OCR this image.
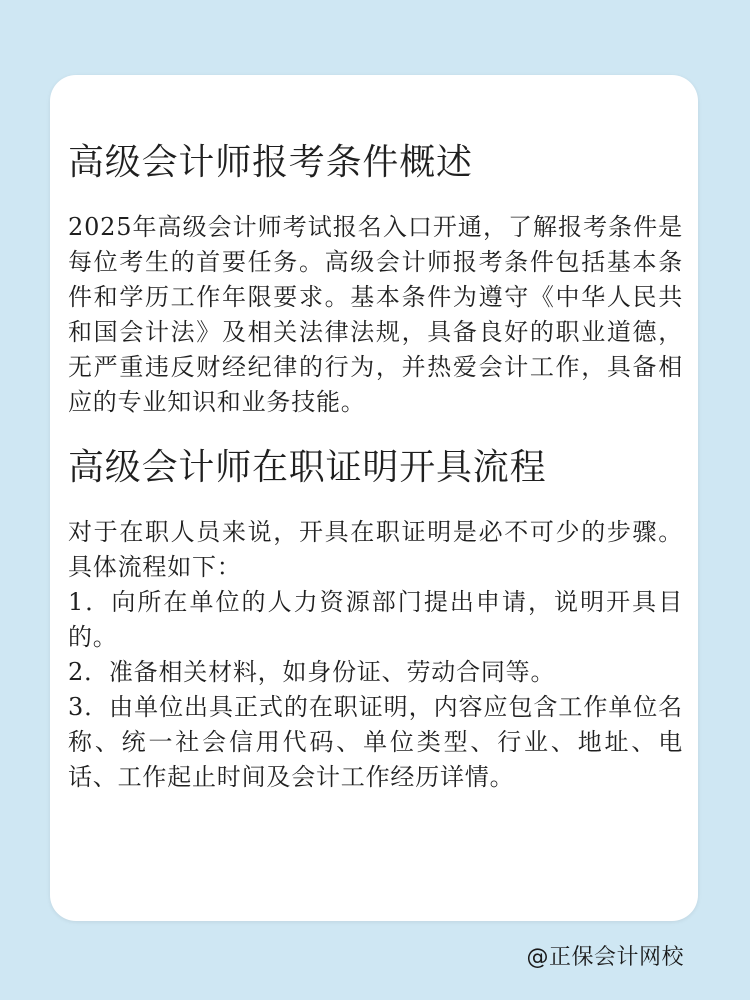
高级会计师报考条件概述

2025年高级会计师考试报名入口开通，了解报考条件是每位考生的首要任务。高级会计师报考条件包括基本条件和学历工作年限要求。基本条件为遵守《中华人民共和国会计法》及相关法律法规，具备良好的职业道德，无严重违反财经纪律的行为，并热爱会计工作，具备相应的专业知识和业务技能。

高级会计师在职证明开具流程

对于在职人员来说，开具在职证明是必不可少的步骤。具体流程如下：

1．向所在单位的人力资源部门提出申请，说明开具目的。
2．准备相关材料，如身份证、劳动合同等。
3．由单位出具正式的在职证明，内容应包含工作单位名称、统一社会信用代码、单位类型、行业、地址、电话、工作起止时间及会计工作经历详情。
@正保会计网校
